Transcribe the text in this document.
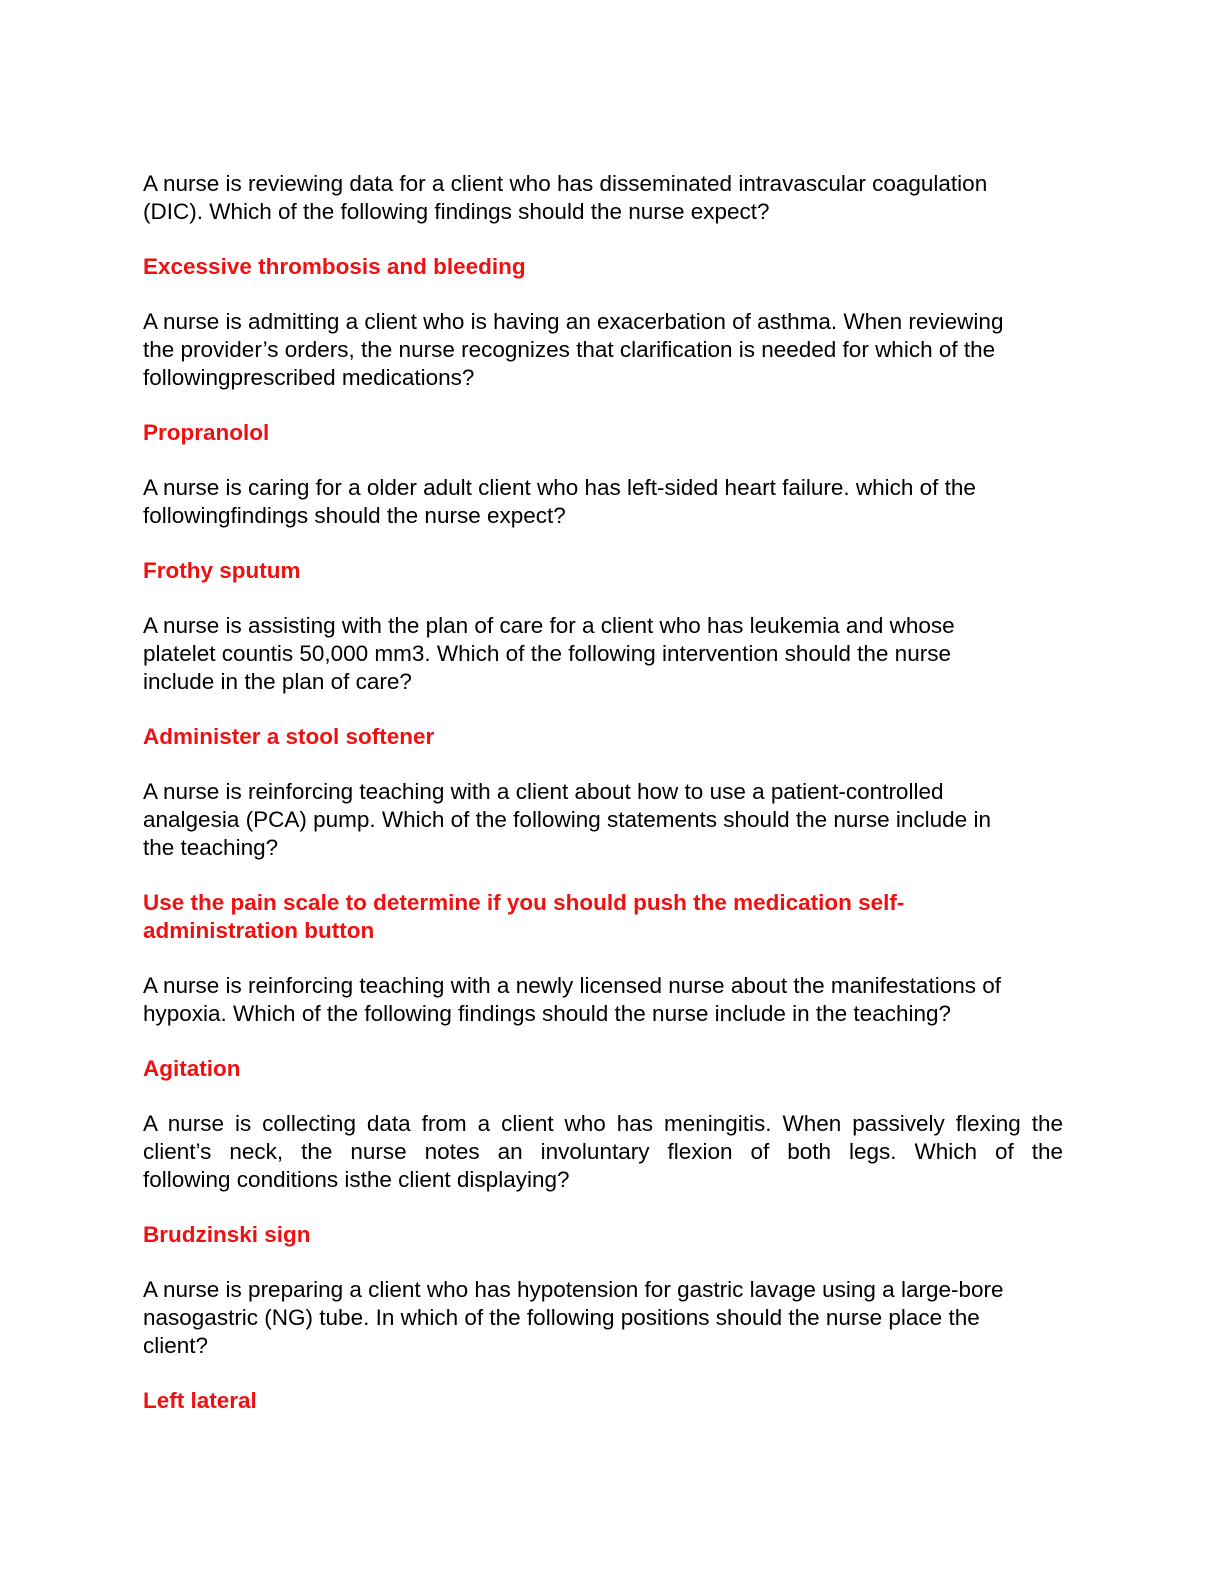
A nurse is reviewing data for a client who has disseminated intravascular coagulation
(DIC). Which of the following findings should the nurse expect?
Excessive thrombosis and bleeding
A nurse is admitting a client who is having an exacerbation of asthma. When reviewing
the provider’s orders, the nurse recognizes that clarification is needed for which of the
followingprescribed medications?
Propranolol
A nurse is caring for a older adult client who has left-sided heart failure. which of the
followingfindings should the nurse expect?
Frothy sputum
A nurse is assisting with the plan of care for a client who has leukemia and whose
platelet countis 50,000 mm3. Which of the following intervention should the nurse
include in the plan of care?
Administer a stool softener
A nurse is reinforcing teaching with a client about how to use a patient-controlled
analgesia (PCA) pump. Which of the following statements should the nurse include in
the teaching?
Use the pain scale to determine if you should push the medication self-
administration button
A nurse is reinforcing teaching with a newly licensed nurse about the manifestations of
hypoxia. Which of the following findings should the nurse include in the teaching?
Agitation
A nurse is collecting data from a client who has meningitis. When passively flexing the
client’s neck, the nurse notes an involuntary flexion of both legs. Which of the
following conditions isthe client displaying?
Brudzinski sign
A nurse is preparing a client who has hypotension for gastric lavage using a large-bore
nasogastric (NG) tube. In which of the following positions should the nurse place the
client?
Left lateral
